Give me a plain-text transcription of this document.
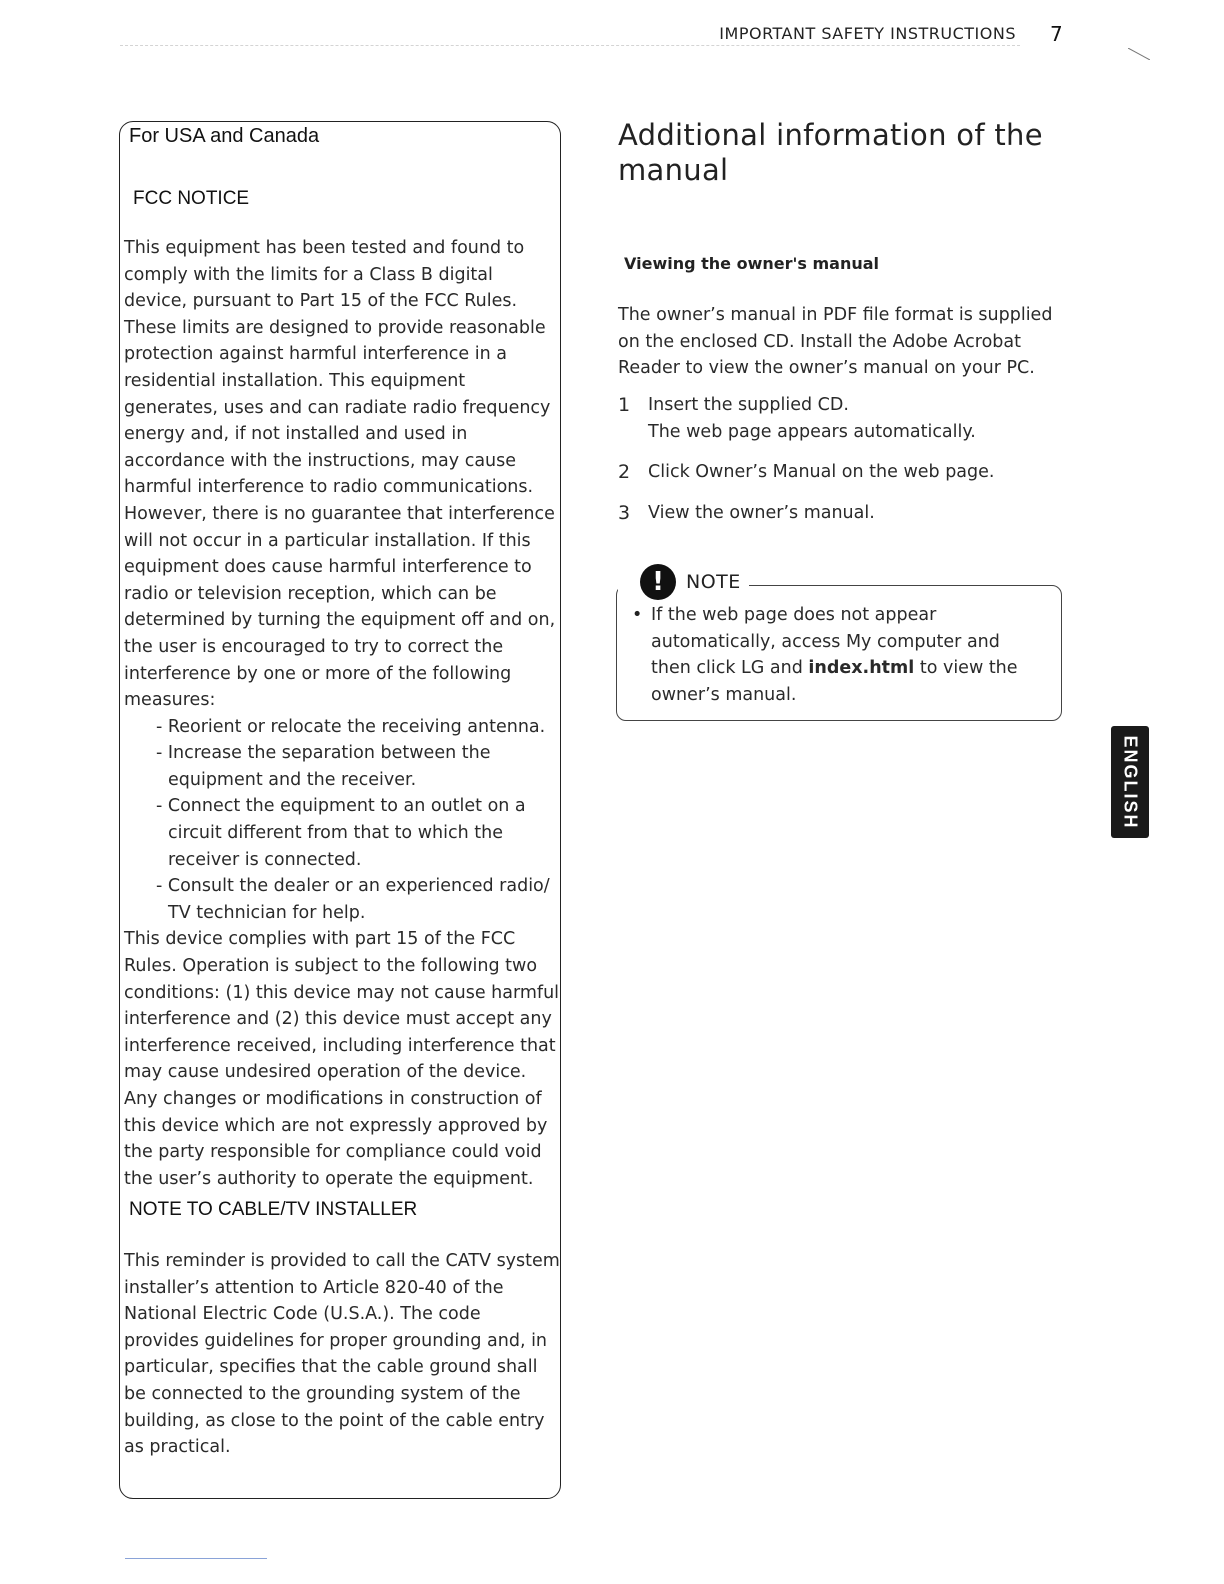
IMPORTANT SAFETY INSTRUCTIONS 7
For USA and Canada
FCC NOTICE

This equipment has been tested and found to comply with the limits for a Class B digital device, pursuant to Part 15 of the FCC Rules. These limits are designed to provide reasonable protection against harmful interference in a residential installation. This equipment generates, uses and can radiate radio frequency energy and, if not installed and used in accordance with the instructions, may cause harmful interference to radio communications. However, there is no guarantee that interference will not occur in a particular installation. If this equipment does cause harmful interference to radio or television reception, which can be determined by turning the equipment off and on, the user is encouraged to try to correct the interference by one or more of the following measures:

- Reorient or relocate the receiving antenna.
- Increase the separation between the equipment and the receiver.
- Connect the equipment to an outlet on a circuit different from that to which the receiver is connected.
- Consult the dealer or an experienced radio/ TV technician for help.

This device complies with part 15 of the FCC Rules. Operation is subject to the following two conditions: (1) this device may not cause harmful interference and (2) this device must accept any interference received, including interference that may cause undesired operation of the device. Any changes or modifications in construction of this device which are not expressly approved by the party responsible for compliance could void the user’s authority to operate the equipment.

NOTE TO CABLE/TV INSTALLER
This reminder is provided to call the CATV system installer’s attention to Article 820-40 of the National Electric Code (U.S.A.). The code provides guidelines for proper grounding and, in particular, specifies that the cable ground shall be connected to the grounding system of the building, as close to the point of the cable entry as practical.
Additional information of the manual
Viewing the owner's manual

The owner’s manual in PDF file format is supplied on the enclosed CD. Install the Adobe Acrobat Reader to view the owner’s manual on your PC.

1 Insert the supplied CD.
The web page appears automatically.
2 Click Owner’s Manual on the web page.
3 View the owner’s manual.
!	NOTE
• If the web page does not appear automatically, access My computer and then click LG and index.html to view the owner’s manual.
ENGLISH
